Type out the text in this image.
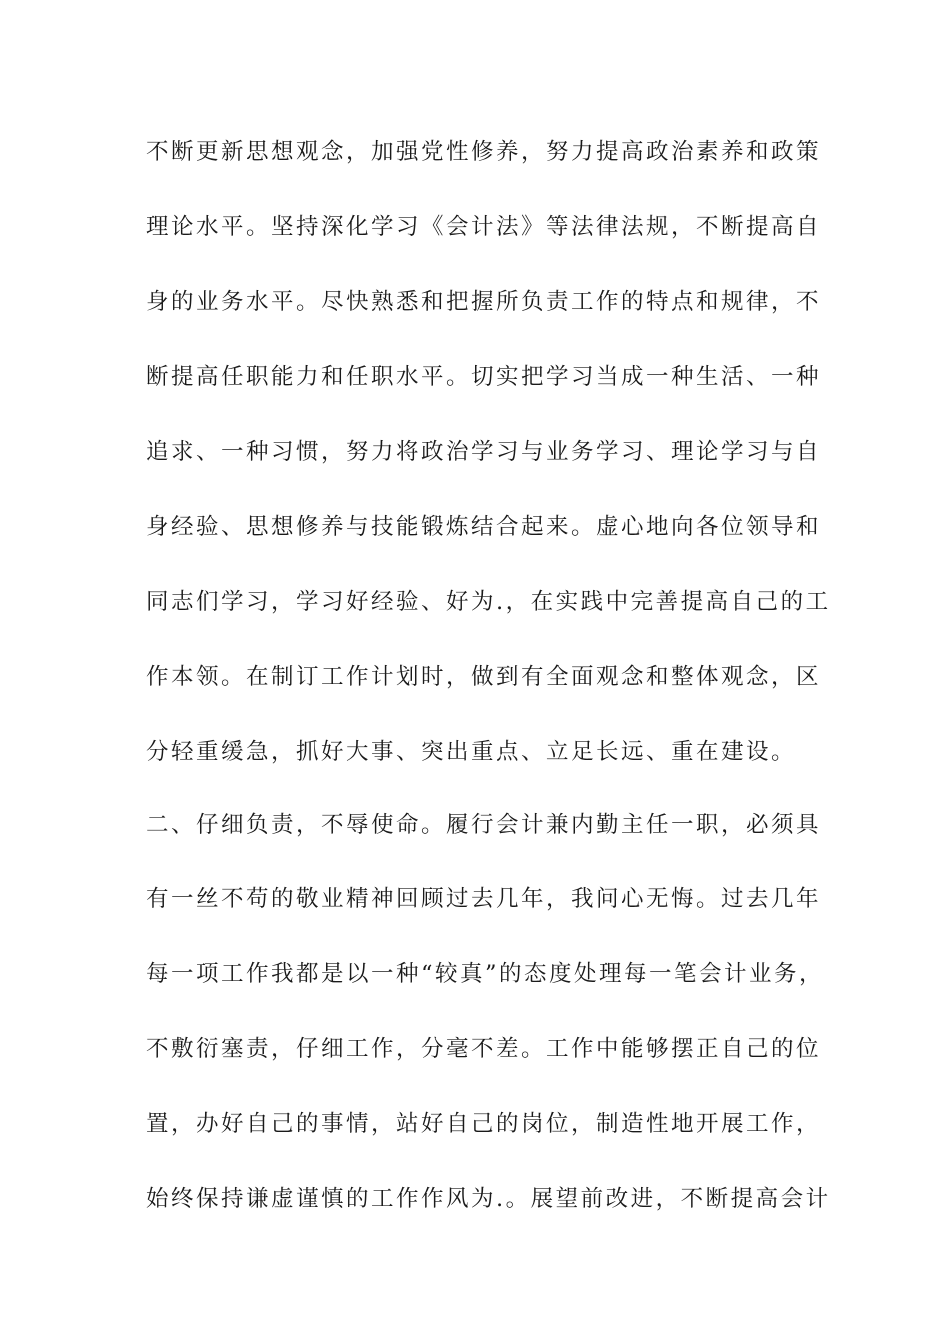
不断更新思想观念，加强党性修养，努力提高政治素养和政策
理论水平。坚持深化学习《会计法》等法律法规，不断提高自
身的业务水平。尽快熟悉和把握所负责工作的特点和规律，不
断提高任职能力和任职水平。切实把学习当成一种生活、一种
追求、一种习惯，努力将政治学习与业务学习、理论学习与自
身经验、思想修养与技能锻炼结合起来。虚心地向各位领导和
同志们学习，学习好经验、好为.，在实践中完善提高自己的工
作本领。在制订工作计划时，做到有全面观念和整体观念，区
分轻重缓急，抓好大事、突出重点、立足长远、重在建设。
二、仔细负责，不辱使命。履行会计兼内勤主任一职，必须具
有一丝不苟的敬业精神回顾过去几年，我问心无悔。过去几年
每一项工作我都是以一种“较真”的态度处理每一笔会计业务，
不敷衍塞责，仔细工作，分毫不差。工作中能够摆正自己的位
置，办好自己的事情，站好自己的岗位，制造性地开展工作，
始终保持谦虚谨慎的工作作风为.。展望前改进，不断提高会计
